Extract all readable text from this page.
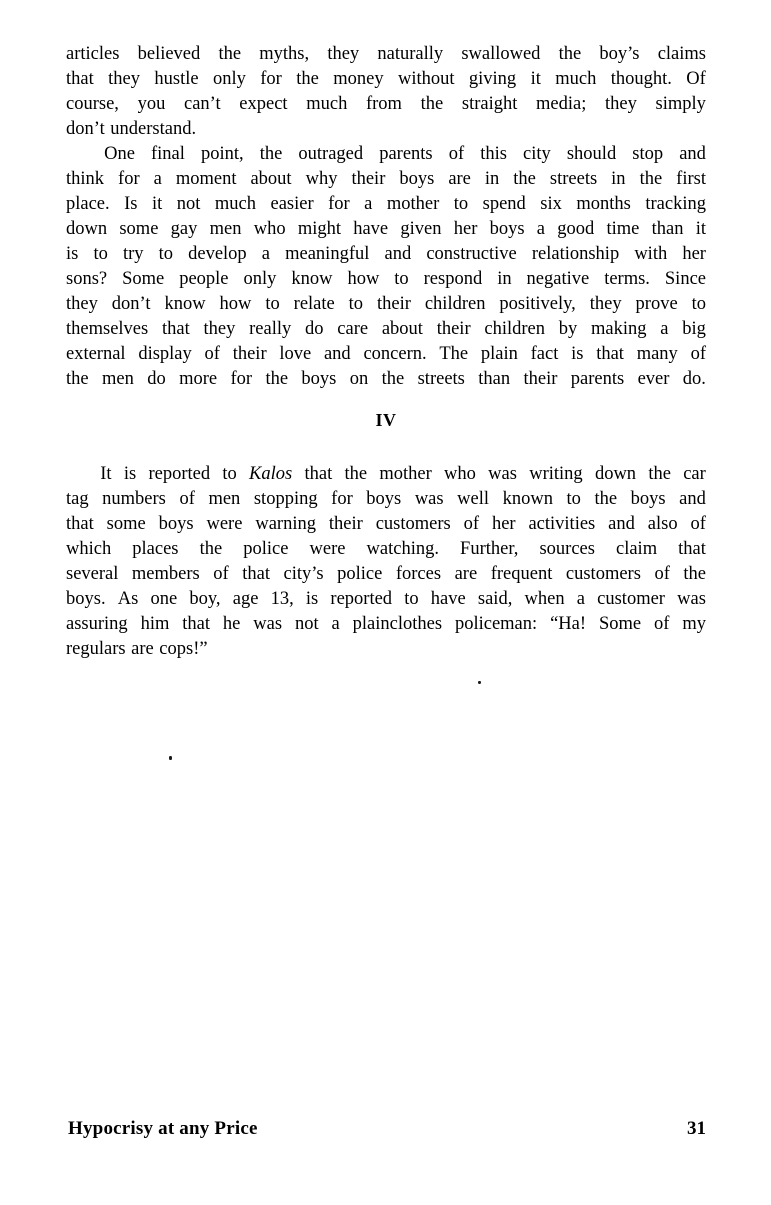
articles believed the myths, they naturally swallowed the boy’s claims
that they hustle only for the money without giving it much thought. Of
course, you can’t expect much from the straight media; they simply
don’t understand.
One final point, the outraged parents of this city should stop and
think for a moment about why their boys are in the streets in the first
place. Is it not much easier for a mother to spend six months tracking
down some gay men who might have given her boys a good time than it
is to try to develop a meaningful and constructive relationship with her
sons? Some people only know how to respond in negative terms. Since
they don’t know how to relate to their children positively, they prove to
themselves that they really do care about their children by making a big
external display of their love and concern. The plain fact is that many of
the men do more for the boys on the streets than their parents ever do.
IV
It is reported to Kalos that the mother who was writing down the car
tag numbers of men stopping for boys was well known to the boys and
that some boys were warning their customers of her activities and also of
which places the police were watching. Further, sources claim that
several members of that city’s police forces are frequent customers of the
boys. As one boy, age 13, is reported to have said, when a customer was
assuring him that he was not a plainclothes policeman: “Ha! Some of my
regulars are cops!”
Hypocrisy at any Price	31
